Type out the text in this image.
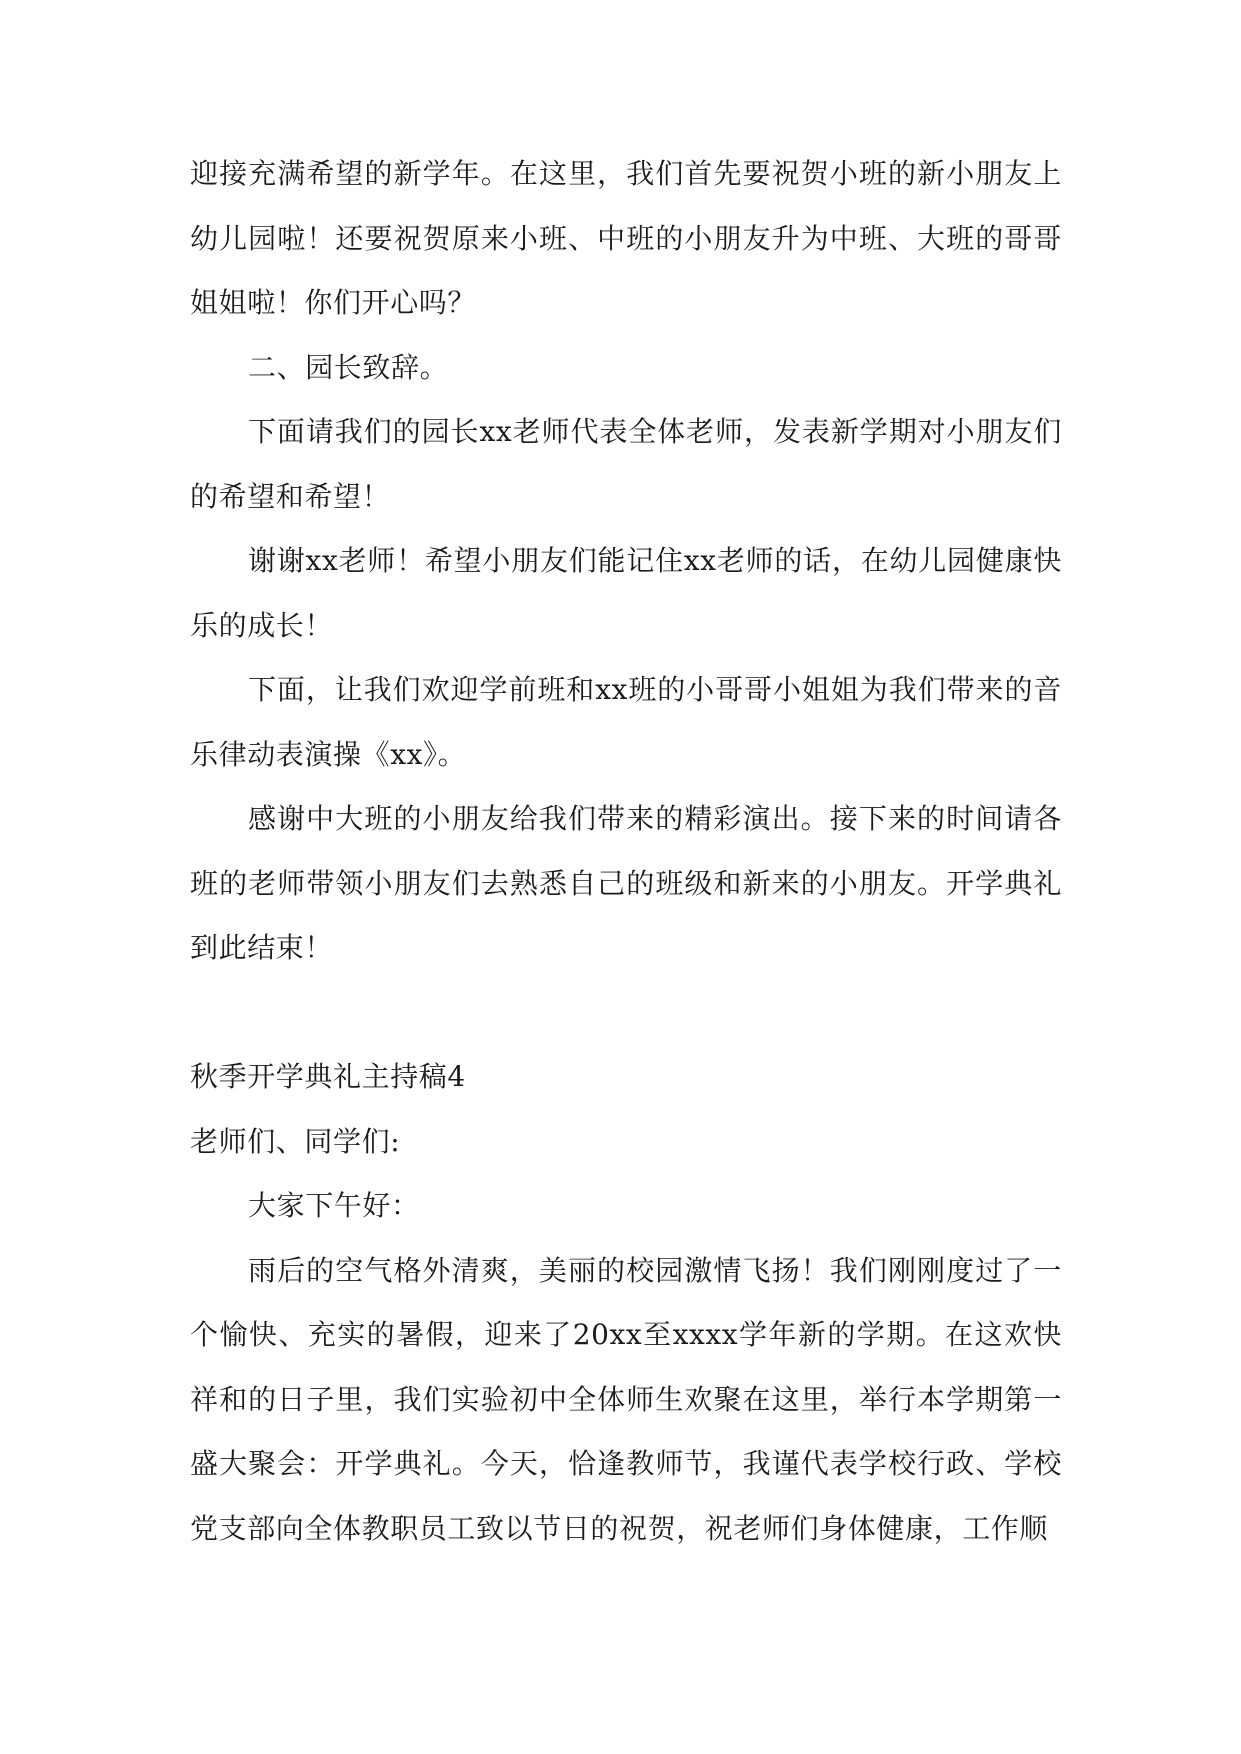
迎接充满希望的新学年。在这里，我们首先要祝贺小班的新小朋友上幼儿园啦！还要祝贺原来小班、中班的小朋友升为中班、大班的哥哥姐姐啦！你们开心吗？

二、园长致辞。

下面请我们的园长xx老师代表全体老师，发表新学期对小朋友们的希望和希望！

谢谢xx老师！希望小朋友们能记住xx老师的话，在幼儿园健康快乐的成长！

下面，让我们欢迎学前班和xx班的小哥哥小姐姐为我们带来的音乐律动表演操《xx》。

感谢中大班的小朋友给我们带来的精彩演出。接下来的时间请各班的老师带领小朋友们去熟悉自己的班级和新来的小朋友。开学典礼到此结束！

秋季开学典礼主持稿4

老师们、同学们:

大家下午好：

雨后的空气格外清爽，美丽的校园激情飞扬！我们刚刚度过了一个愉快、充实的暑假，迎来了20xx至xxxx学年新的学期。在这欢快祥和的日子里，我们实验初中全体师生欢聚在这里，举行本学期第一盛大聚会：开学典礼。今天，恰逢教师节，我谨代表学校行政、学校党支部向全体教职员工致以节日的祝贺，祝老师们身体健康，工作顺
